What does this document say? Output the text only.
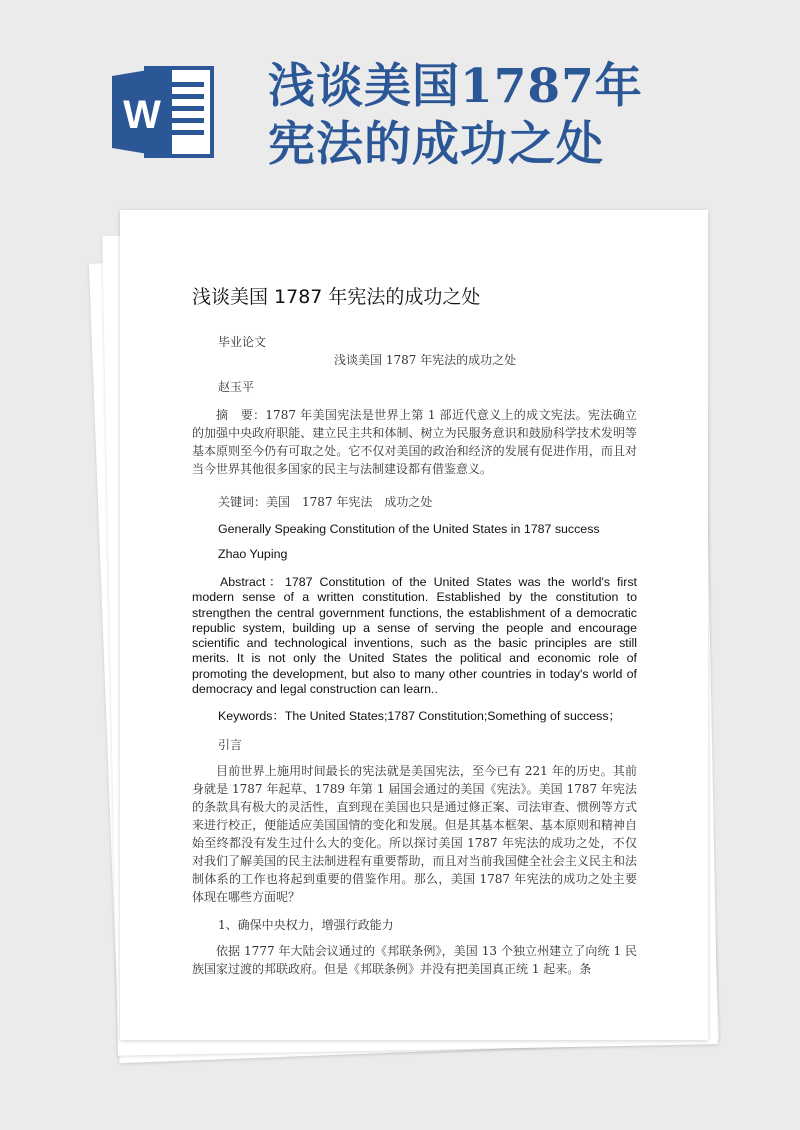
W
浅谈美国1787年宪法的成功之处
浅谈美国 1787 年宪法的成功之处
毕业论文
浅谈美国 1787 年宪法的成功之处
赵玉平
摘　要：1787 年美国宪法是世界上第 1 部近代意义上的成文宪法。宪法确立的加强中央政府职能、建立民主共和体制、树立为民服务意识和鼓励科学技术发明等基本原则至今仍有可取之处。它不仅对美国的政治和经济的发展有促进作用，而且对当今世界其他很多国家的民主与法制建设都有借鉴意义。
关键词：美国　1787 年宪法　成功之处
Generally Speaking Constitution of the United States in 1787 success
Zhao Yuping
Abstract：1787 Constitution of the United States was the world's first modern sense of a written constitution. Established by the constitution to strengthen the central government functions, the establishment of a democratic republic system, building up a sense of serving the people and encourage scientific and technological inventions, such as the basic principles are still merits. It is not only the United States the political and economic role of promoting the development, but also to many other countries in today's world of democracy and legal construction can learn..
Keywords：The United States;1787 Constitution;Something of success；
引言
目前世界上施用时间最长的宪法就是美国宪法，至今已有 221 年的历史。其前身就是 1787 年起草、1789 年第 1 届国会通过的美国《宪法》。美国 1787 年宪法的条款具有极大的灵活性，直到现在美国也只是通过修正案、司法审查、惯例等方式来进行校正，便能适应美国国情的变化和发展。但是其基本框架、基本原则和精神自始至终都没有发生过什么大的变化。所以探讨美国 1787 年宪法的成功之处，不仅对我们了解美国的民主法制进程有重要帮助，而且对当前我国健全社会主义民主和法制体系的工作也将起到重要的借鉴作用。那么，美国 1787 年宪法的成功之处主要体现在哪些方面呢？
1、确保中央权力，增强行政能力
依据 1777 年大陆会议通过的《邦联条例》，美国 13 个独立州建立了向统 1 民族国家过渡的邦联政府。但是《邦联条例》并没有把美国真正统 1 起来。条
